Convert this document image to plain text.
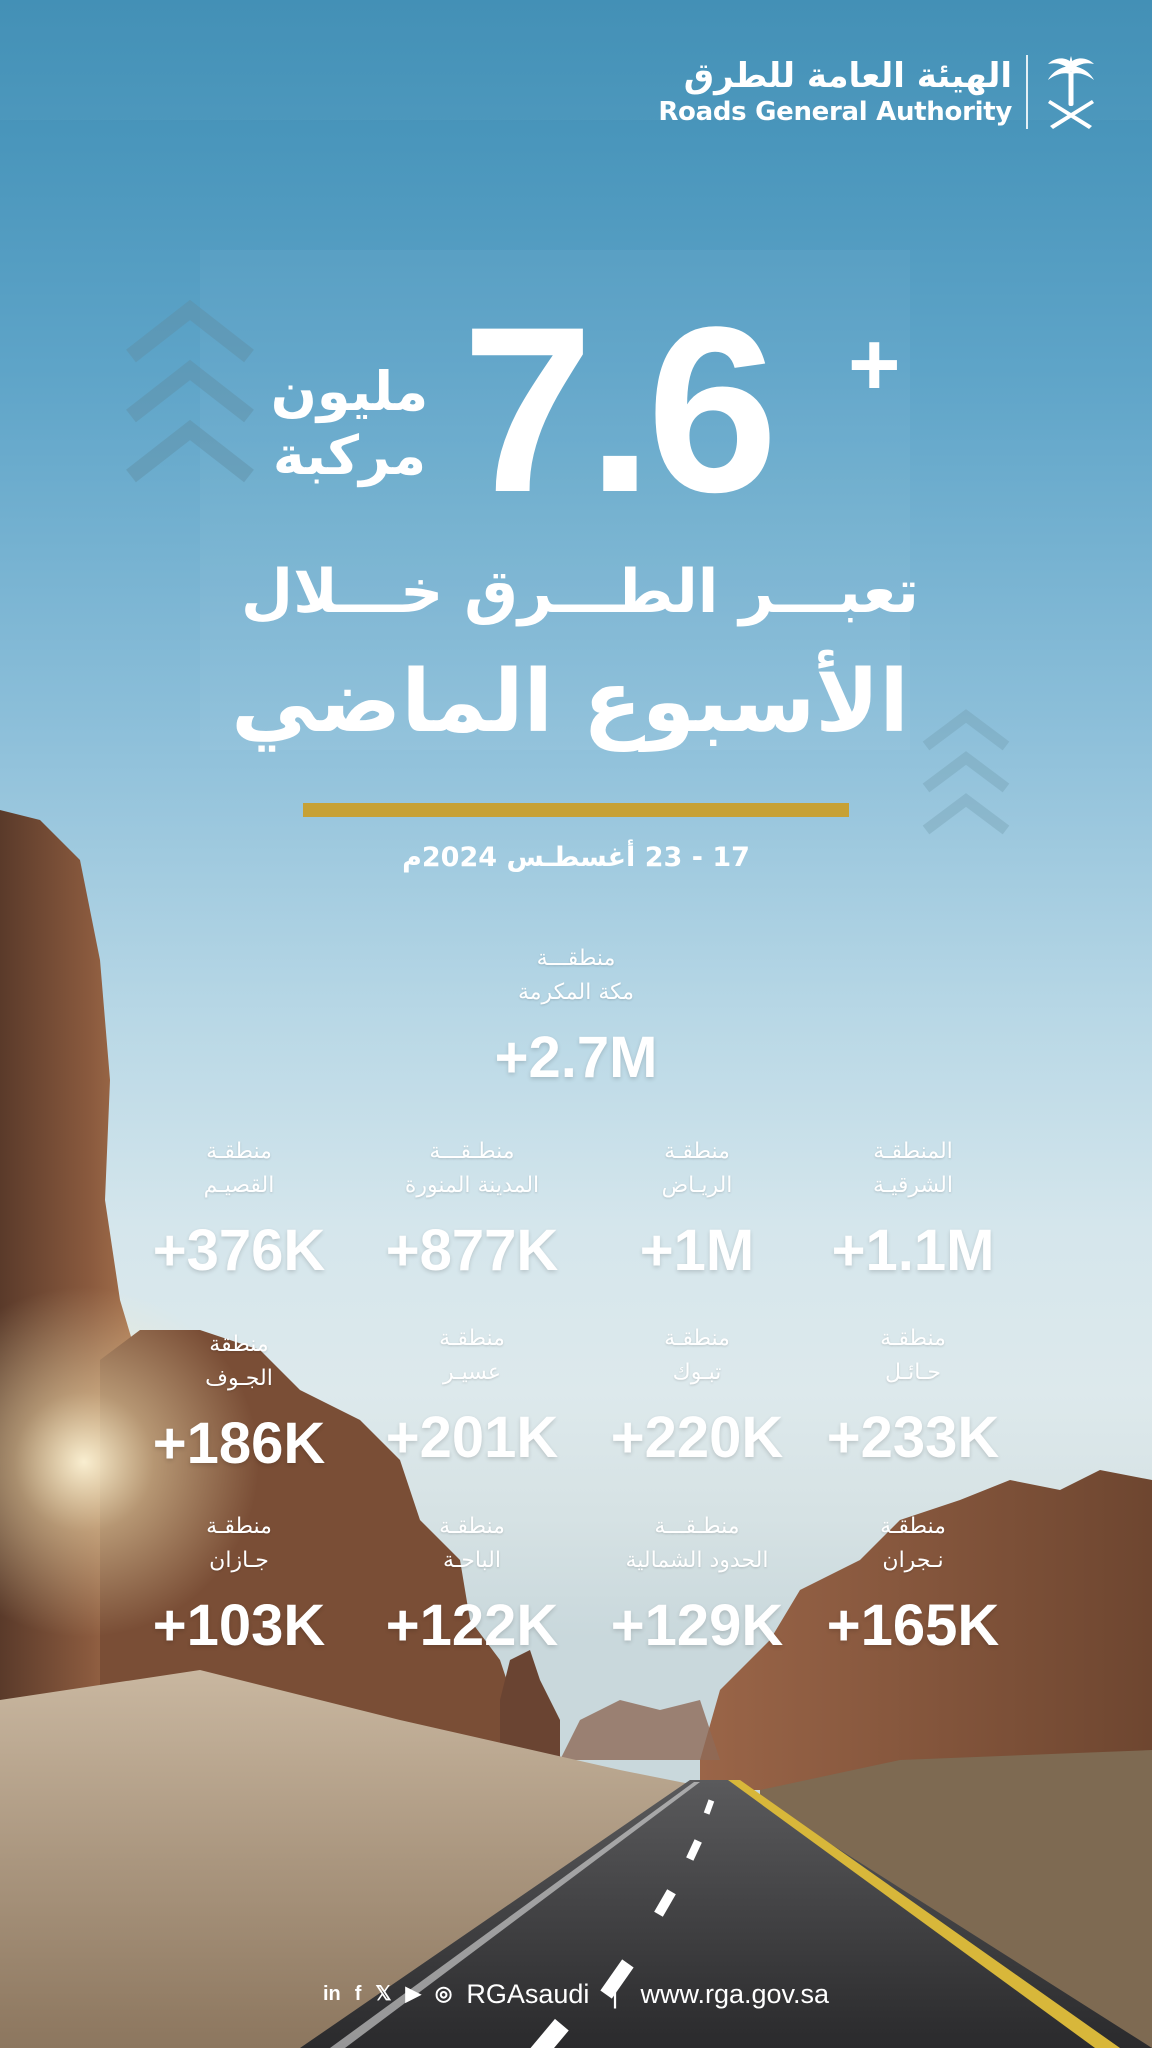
الهيئة العامة للطرق
Roads General Authority
مليون
مركبة 7.6 +
تعبـــر الطـــرق خـــلال
الأسبوع الماضي
17 - 23 أغسطـس 2024م
منطقـــة
مكة المكرمة
+2.7M
المنطقـة
الشرقيـة
+1.1M
منطقـة
الريـاض
+1M
منطـقـــة
المدينة المنورة
+877K
منطقـة
القصيـم
+376K
منطقـة
حـائـل
+233K
منطقـة
تبـوك
+220K
منطقـة
عسيـر
+201K
منطقة
الجـوف
+186K
منطقـة
نـجران
+165K
منطـقـــة
الحدود الشمالية
+129K
منطقـة
الباحـة
+122K
منطقـة
جـازان
+103K
in f 𝕏 ▶ ◎ RGAsaudi | www.rga.gov.sa
